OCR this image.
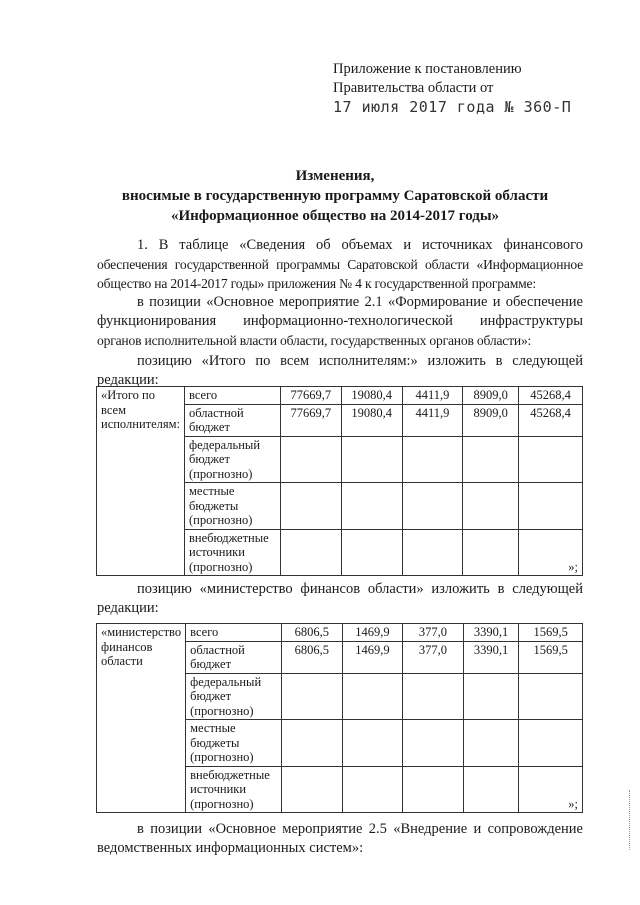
Приложение к постановлению
Правительства области от
17 июля 2017 года № 360-П
Изменения,
вносимые в государственную программу Саратовской области
«Информационное общество на 2014-2017 годы»
1. В таблице «Сведения об объемах и источниках финансового
обеспечения государственной программы Саратовской области «Информационное общество на 2014-2017 годы» приложения № 4 к государственной программе:
в позиции «Основное мероприятие 2.1 «Формирование и обеспечение
функционирования информационно-технологической инфраструктуры
органов исполнительной власти области, государственных органов области»:
позицию «Итого по всем исполнителям:» изложить в следующей
редакции:
«Итого по всем исполнителям:	всего	77669,7	19080,4	4411,9	8909,0	45268,4
	областной бюджет	77669,7	19080,4	4411,9	8909,0	45268,4
	федеральный бюджет (прогнозно)					
	местные бюджеты (прогнозно)					
	внебюджетные источники (прогнозно)					»;
позицию «министерство финансов области» изложить в следующей
редакции:
«министерство финансов области	всего	6806,5	1469,9	377,0	3390,1	1569,5
	областной бюджет	6806,5	1469,9	377,0	3390,1	1569,5
	федеральный бюджет (прогнозно)					
	местные бюджеты (прогнозно)					
	внебюджетные источники (прогнозно)					»;
в позиции «Основное мероприятие 2.5 «Внедрение и сопровождение
ведомственных информационных систем»:
